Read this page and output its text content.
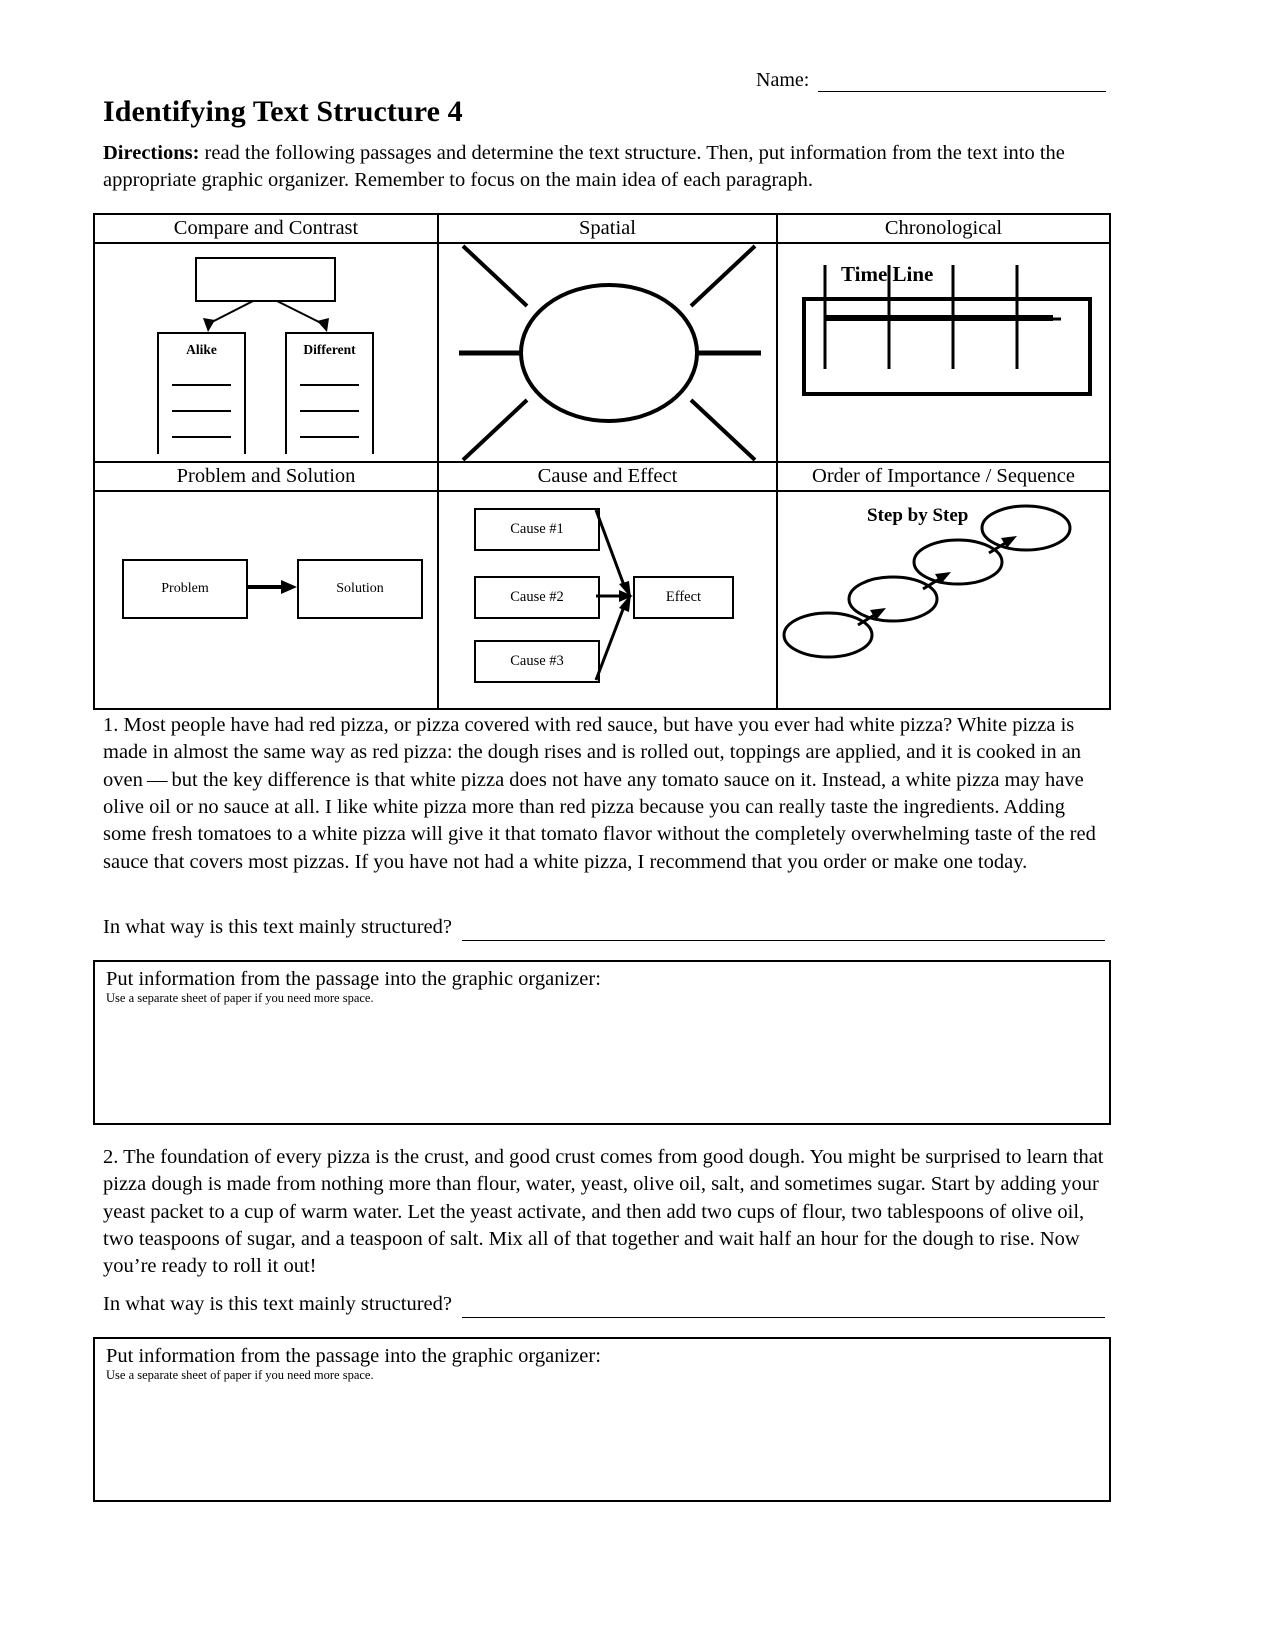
Name:
Identifying Text Structure 4
Directions: read the following passages and determine the text structure. Then, put information from the text into the appropriate graphic organizer. Remember to focus on the main idea of each paragraph.
Compare and Contrast	Spatial	Chronological
Alike	Different
Time Line
Problem and Solution	Cause and Effect	Order of Importance / Sequence
Problem	Solution
Cause #1
Cause #2
Cause #3
Effect
Step by Step
1. Most people have had red pizza, or pizza covered with red sauce, but have you ever had white pizza? White pizza is made in almost the same way as red pizza: the dough rises and is rolled out, toppings are applied, and it is cooked in an oven — but the key difference is that white pizza does not have any tomato sauce on it. Instead, a white pizza may have olive oil or no sauce at all. I like white pizza more than red pizza because you can really taste the ingredients. Adding some fresh tomatoes to a white pizza will give it that tomato flavor without the completely overwhelming taste of the red sauce that covers most pizzas. If you have not had a white pizza, I recommend that you order or make one today.
In what way is this text mainly structured?
Put information from the passage into the graphic organizer:
Use a separate sheet of paper if you need more space.
2. The foundation of every pizza is the crust, and good crust comes from good dough. You might be surprised to learn that pizza dough is made from nothing more than flour, water, yeast, olive oil, salt, and sometimes sugar. Start by adding your yeast packet to a cup of warm water. Let the yeast activate, and then add two cups of flour, two tablespoons of olive oil, two teaspoons of sugar, and a teaspoon of salt. Mix all of that together and wait half an hour for the dough to rise. Now you’re ready to roll it out!
In what way is this text mainly structured?
Put information from the passage into the graphic organizer:
Use a separate sheet of paper if you need more space.
